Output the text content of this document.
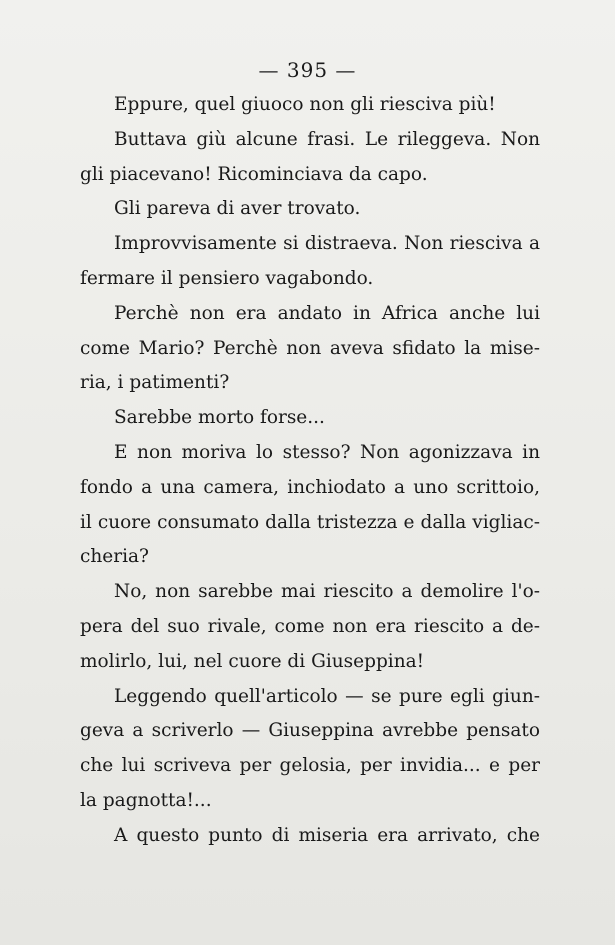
— 395 —
Eppure, quel giuoco non gli riesciva più!
Buttava giù alcune frasi. Le rileggeva. Non
gli piacevano! Ricominciava da capo.
Gli pareva di aver trovato.
Improvvisamente si distraeva. Non riesciva a
fermare il pensiero vagabondo.
Perchè non era andato in Africa anche lui
come Mario? Perchè non aveva sfidato la mise-
ria, i patimenti?
Sarebbe morto forse...
E non moriva lo stesso? Non agonizzava in
fondo a una camera, inchiodato a uno scrittoio,
il cuore consumato dalla tristezza e dalla vigliac-
cheria?
No, non sarebbe mai riescito a demolire l'o-
pera del suo rivale, come non era riescito a de-
molirlo, lui, nel cuore di Giuseppina!
Leggendo quell'articolo — se pure egli giun-
geva a scriverlo — Giuseppina avrebbe pensato
che lui scriveva per gelosia, per invidia... e per
la pagnotta!...
A questo punto di miseria era arrivato, che
